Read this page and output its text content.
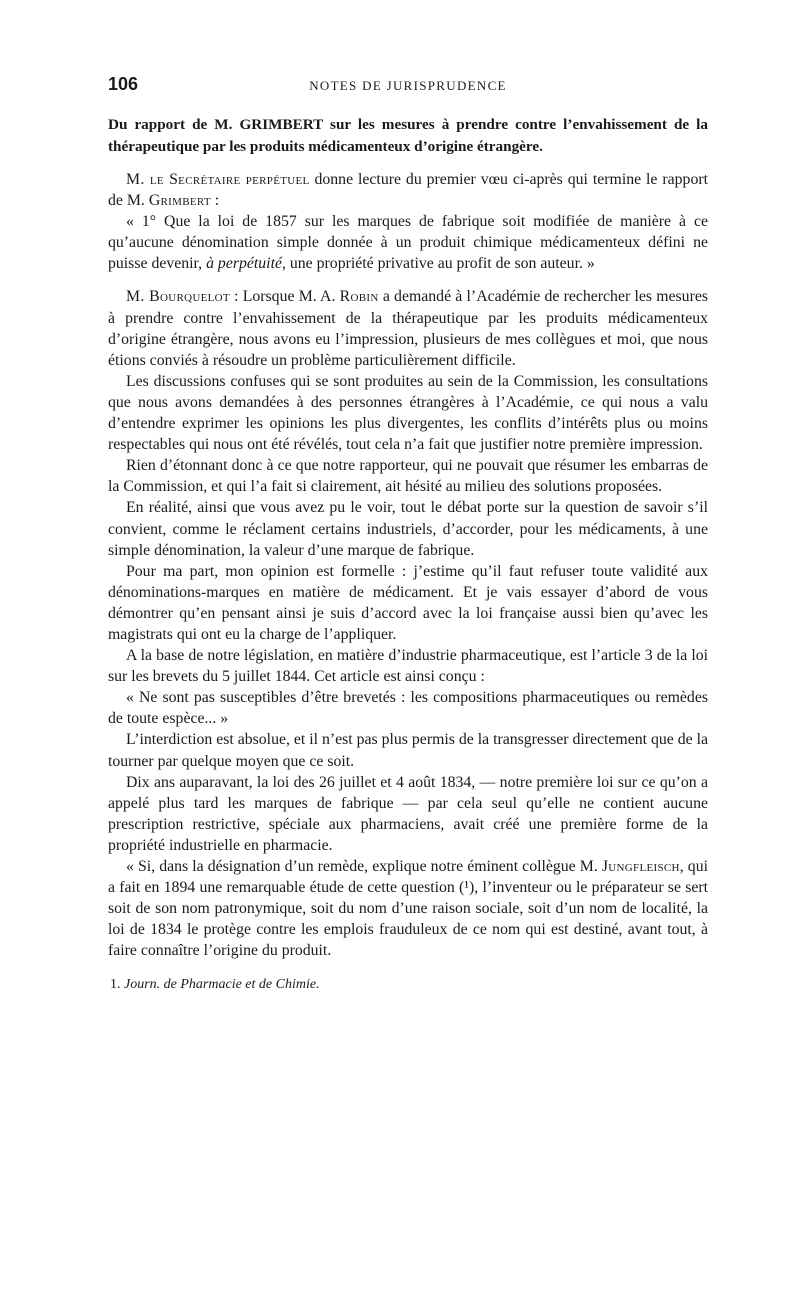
106	NOTES DE JURISPRUDENCE

Du rapport de M. GRIMBERT sur les mesures à prendre contre l’envahissement de la thérapeutique par les produits médicamenteux d’origine étrangère.

M. le Secrétaire perpétuel donne lecture du premier vœu ci-après qui termine le rapport de M. Grimbert :

« 1° Que la loi de 1857 sur les marques de fabrique soit modifiée de manière à ce qu’aucune dénomination simple donnée à un produit chimique médicamenteux défini ne puisse devenir, à perpétuité, une propriété privative au profit de son auteur. »

M. Bourquelot : Lorsque M. A. Robin a demandé à l’Académie de rechercher les mesures à prendre contre l’envahissement de la thérapeutique par les produits médicamenteux d’origine étrangère, nous avons eu l’impression, plusieurs de mes collègues et moi, que nous étions conviés à résoudre un problème particulièrement difficile.

Les discussions confuses qui se sont produites au sein de la Commission, les consultations que nous avons demandées à des personnes étrangères à l’Académie, ce qui nous a valu d’entendre exprimer les opinions les plus divergentes, les conflits d’intérêts plus ou moins respectables qui nous ont été révélés, tout cela n’a fait que justifier notre première impression.

Rien d’étonnant donc à ce que notre rapporteur, qui ne pouvait que résumer les embarras de la Commission, et qui l’a fait si clairement, ait hésité au milieu des solutions proposées.

En réalité, ainsi que vous avez pu le voir, tout le débat porte sur la question de savoir s’il convient, comme le réclament certains industriels, d’accorder, pour les médicaments, à une simple dénomination, la valeur d’une marque de fabrique.

Pour ma part, mon opinion est formelle : j’estime qu’il faut refuser toute validité aux dénominations-marques en matière de médicament. Et je vais essayer d’abord de vous démontrer qu’en pensant ainsi je suis d’accord avec la loi française aussi bien qu’avec les magistrats qui ont eu la charge de l’appliquer.

A la base de notre législation, en matière d’industrie pharmaceutique, est l’article 3 de la loi sur les brevets du 5 juillet 1844. Cet article est ainsi conçu :

« Ne sont pas susceptibles d’être brevetés : les compositions pharmaceutiques ou remèdes de toute espèce... »

L’interdiction est absolue, et il n’est pas plus permis de la transgresser directement que de la tourner par quelque moyen que ce soit.

Dix ans auparavant, la loi des 26 juillet et 4 août 1834, — notre première loi sur ce qu’on a appelé plus tard les marques de fabrique — par cela seul qu’elle ne contient aucune prescription restrictive, spéciale aux pharmaciens, avait créé une première forme de la propriété industrielle en pharmacie.

« Si, dans la désignation d’un remède, explique notre éminent collègue M. Jungfleisch, qui a fait en 1894 une remarquable étude de cette question (¹), l’inventeur ou le préparateur se sert soit de son nom patronymique, soit du nom d’une raison sociale, soit d’un nom de localité, la loi de 1834 le protège contre les emplois frauduleux de ce nom qui est destiné, avant tout, à faire connaître l’origine du produit.

1. Journ. de Pharmacie et de Chimie.
